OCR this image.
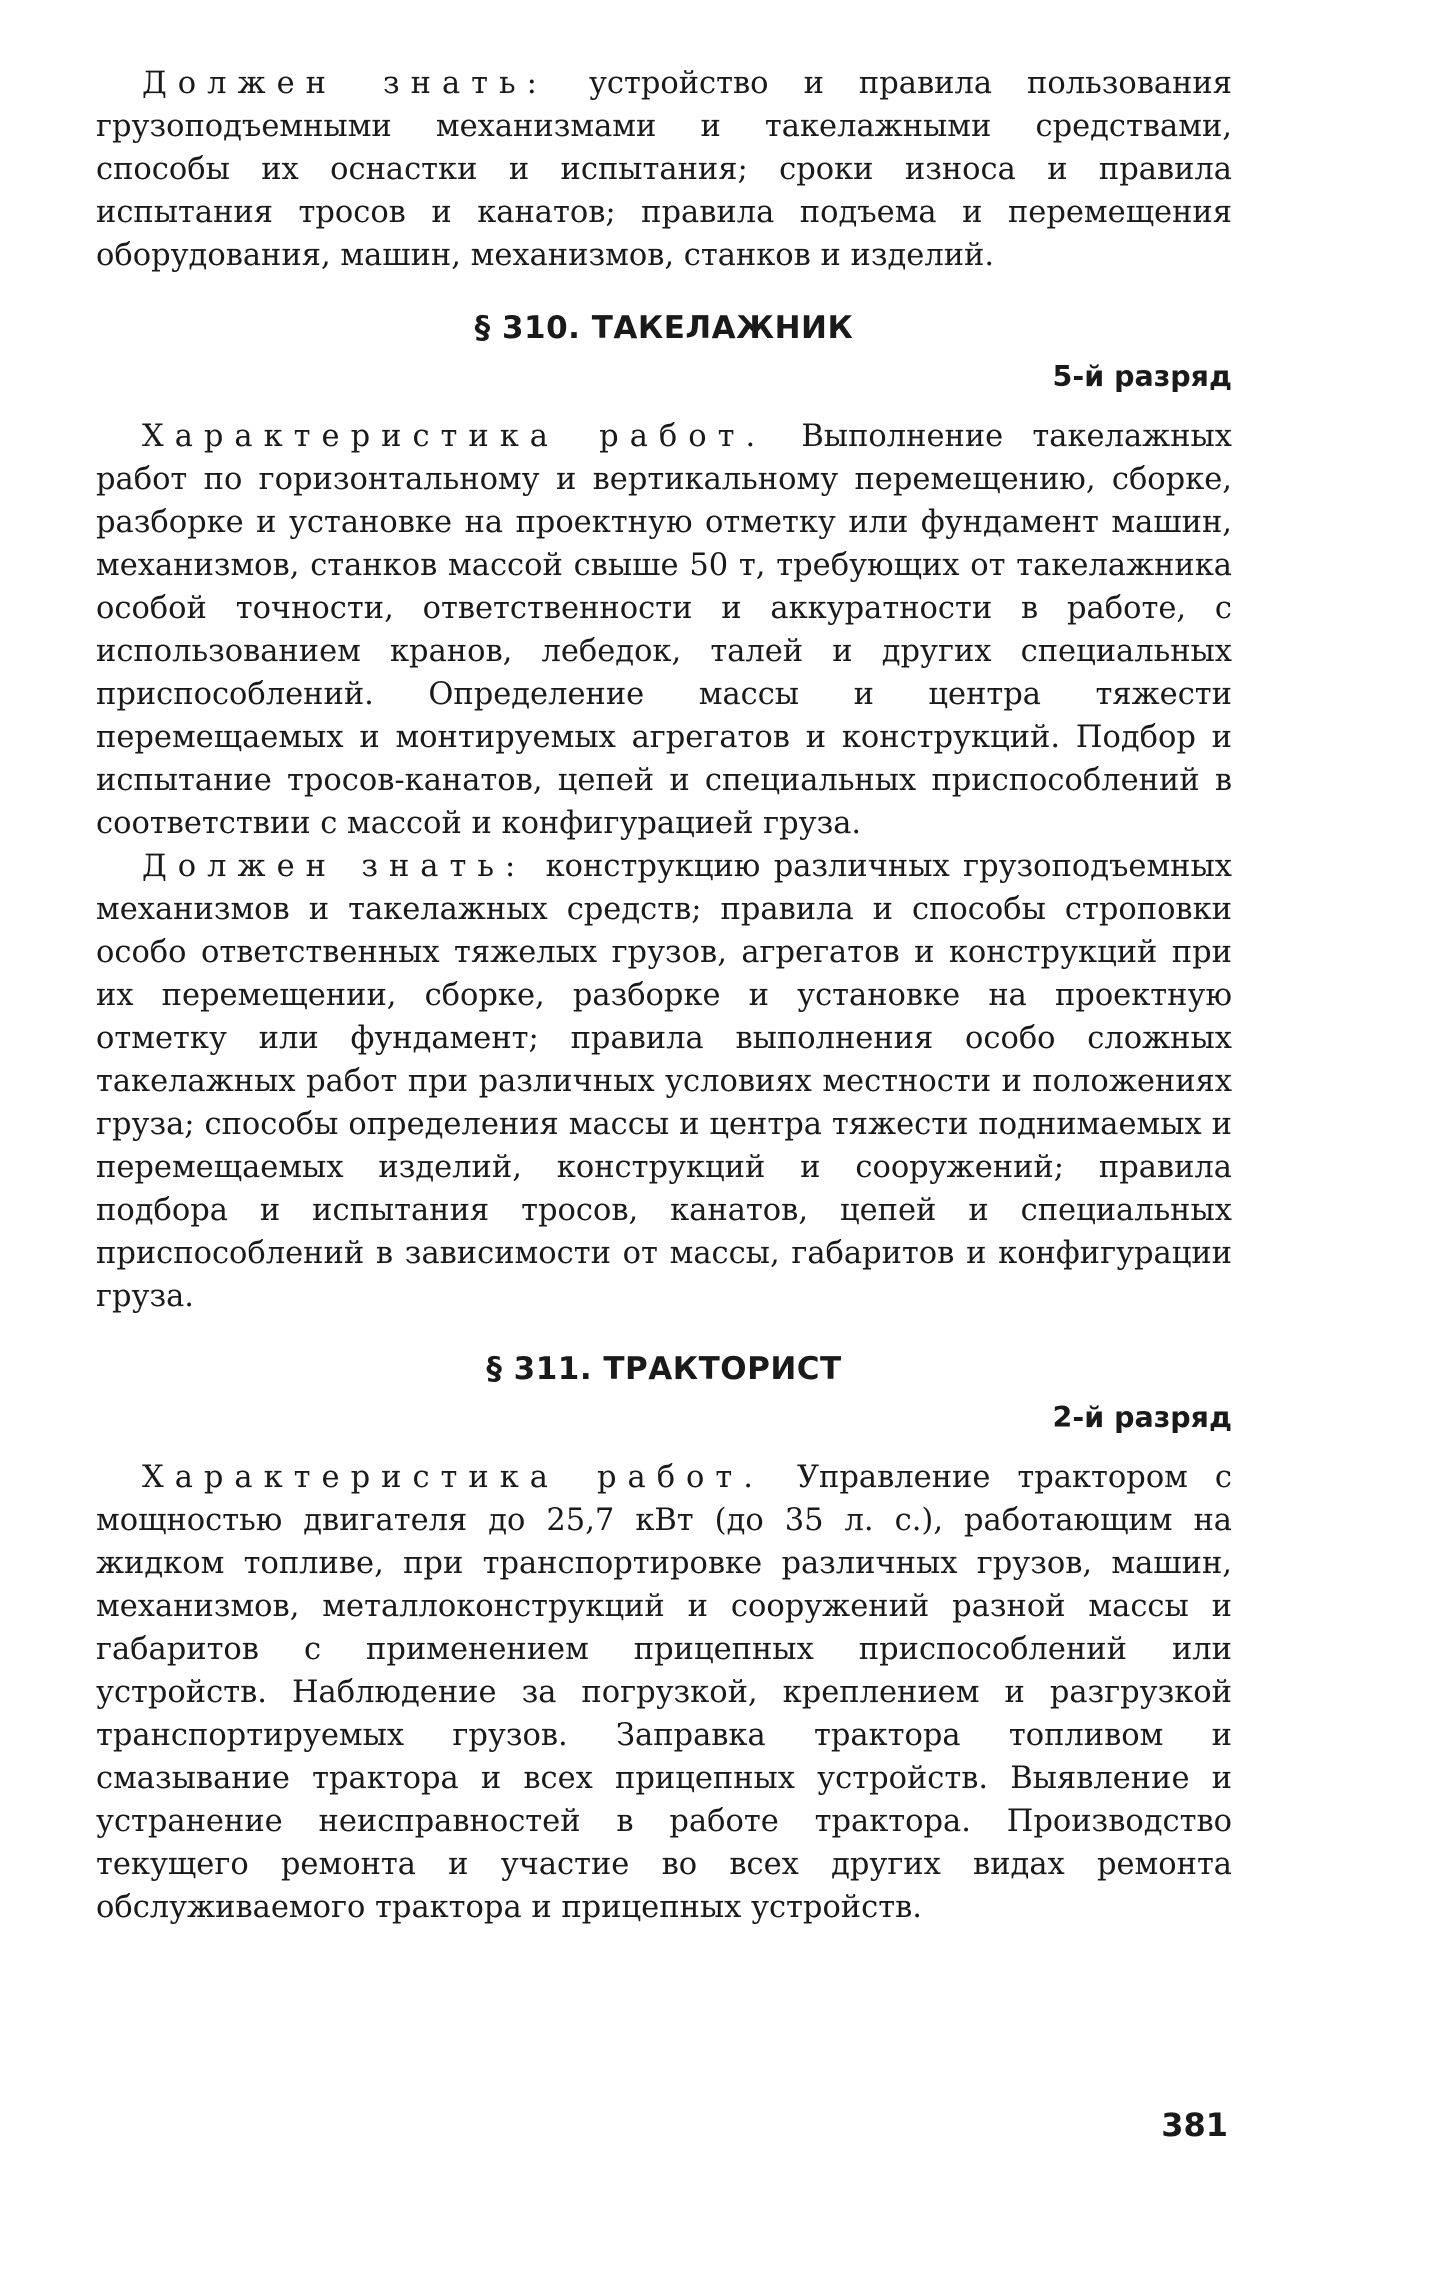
Должен знать: устройство и правила пользования грузоподъемными механизмами и такелажными средствами, способы их оснастки и испытания; сроки износа и правила испытания тросов и канатов; правила подъема и перемещения оборудования, машин, механизмов, станков и изделий.

§ 310. ТАКЕЛАЖНИК
5-й разряд

Характеристика работ. Выполнение такелажных работ по горизонтальному и вертикальному перемещению, сборке, разборке и установке на проектную отметку или фундамент машин, механизмов, станков массой свыше 50 т, требующих от такелажника особой точности, ответственности и аккуратности в работе, с использованием кранов, лебедок, талей и других специальных приспособлений. Определение массы и центра тяжести перемещаемых и монтируемых агрегатов и конструкций. Подбор и испытание тросов-канатов, цепей и специальных приспособлений в соответствии с массой и конфигурацией груза.

Должен знать: конструкцию различных грузоподъемных механизмов и такелажных средств; правила и способы строповки особо ответственных тяжелых грузов, агрегатов и конструкций при их перемещении, сборке, разборке и установке на проектную отметку или фундамент; правила выполнения особо сложных такелажных работ при различных условиях местности и положениях груза; способы определения массы и центра тяжести поднимаемых и перемещаемых изделий, конструкций и сооружений; правила подбора и испытания тросов, канатов, цепей и специальных приспособлений в зависимости от массы, габаритов и конфигурации груза.

§ 311. ТРАКТОРИСТ
2-й разряд

Характеристика работ. Управление трактором с мощностью двигателя до 25,7 кВт (до 35 л. с.), работающим на жидком топливе, при транспортировке различных грузов, машин, механизмов, металлоконструкций и сооружений разной массы и габаритов с применением прицепных приспособлений или устройств. Наблюдение за погрузкой, креплением и разгрузкой транспортируемых грузов. Заправка трактора топливом и смазывание трактора и всех прицепных устройств. Выявление и устранение неисправностей в работе трактора. Производство текущего ремонта и участие во всех других видах ремонта обслуживаемого трактора и прицепных устройств.

381
